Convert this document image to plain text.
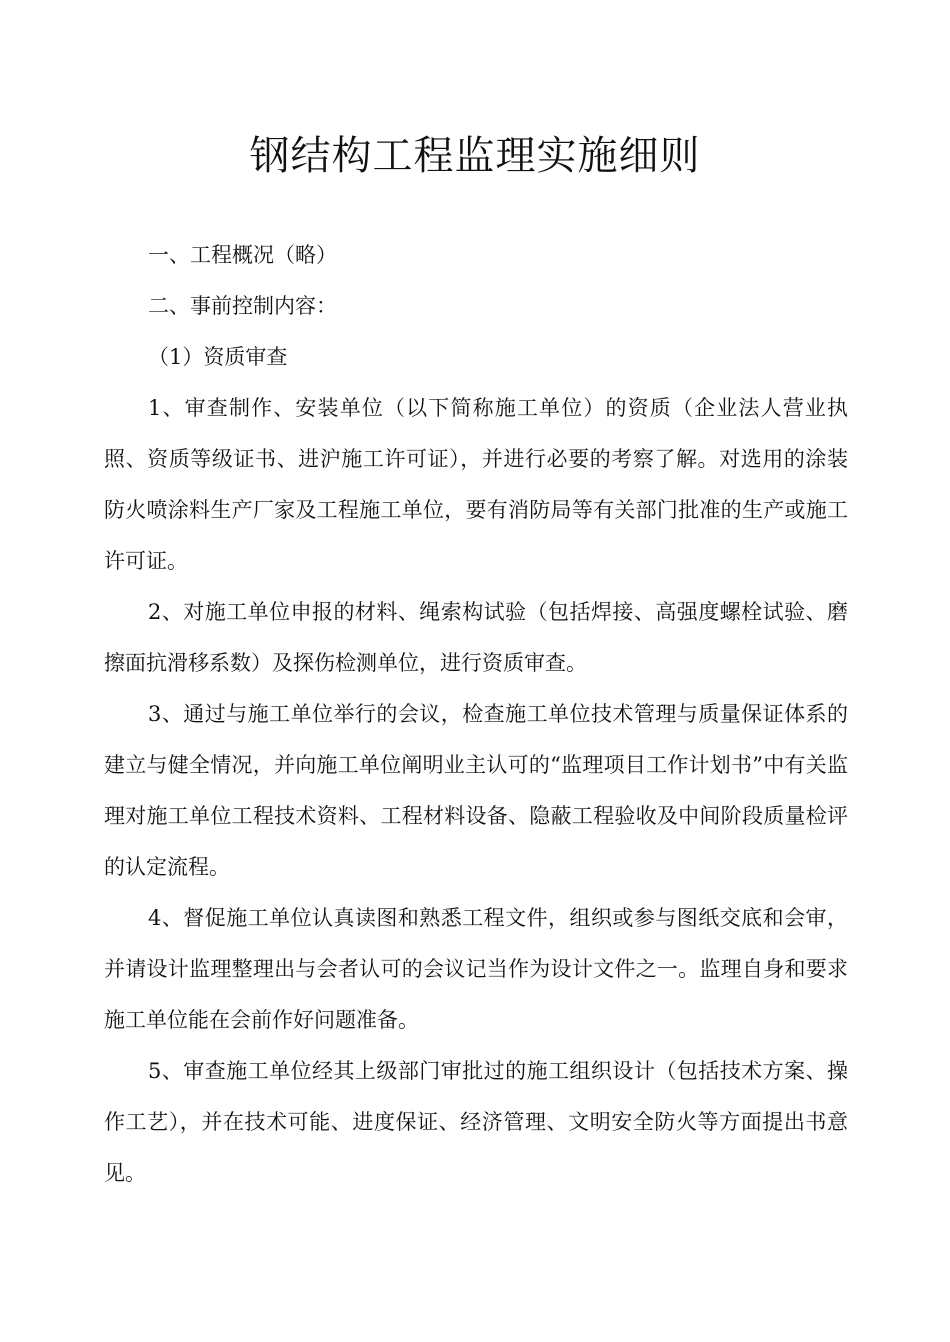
钢结构工程监理实施细则

一、工程概况（略）

二、事前控制内容：

（1）资质审查

1、审查制作、安装单位（以下简称施工单位）的资质（企业法人营业执照、资质等级证书、进沪施工许可证），并进行必要的考察了解。对选用的涂装防火喷涂料生产厂家及工程施工单位，要有消防局等有关部门批准的生产或施工许可证。

2、对施工单位申报的材料、绳索构试验（包括焊接、高强度螺栓试验、磨擦面抗滑移系数）及探伤检测单位，进行资质审查。

3、通过与施工单位举行的会议，检查施工单位技术管理与质量保证体系的建立与健全情况，并向施工单位阐明业主认可的“监理项目工作计划书”中有关监理对施工单位工程技术资料、工程材料设备、隐蔽工程验收及中间阶段质量检评的认定流程。

4、督促施工单位认真读图和熟悉工程文件，组织或参与图纸交底和会审，并请设计监理整理出与会者认可的会议记当作为设计文件之一。监理自身和要求施工单位能在会前作好问题准备。

5、审查施工单位经其上级部门审批过的施工组织设计（包括技术方案、操作工艺），并在技术可能、进度保证、经济管理、文明安全防火等方面提出书意见。
